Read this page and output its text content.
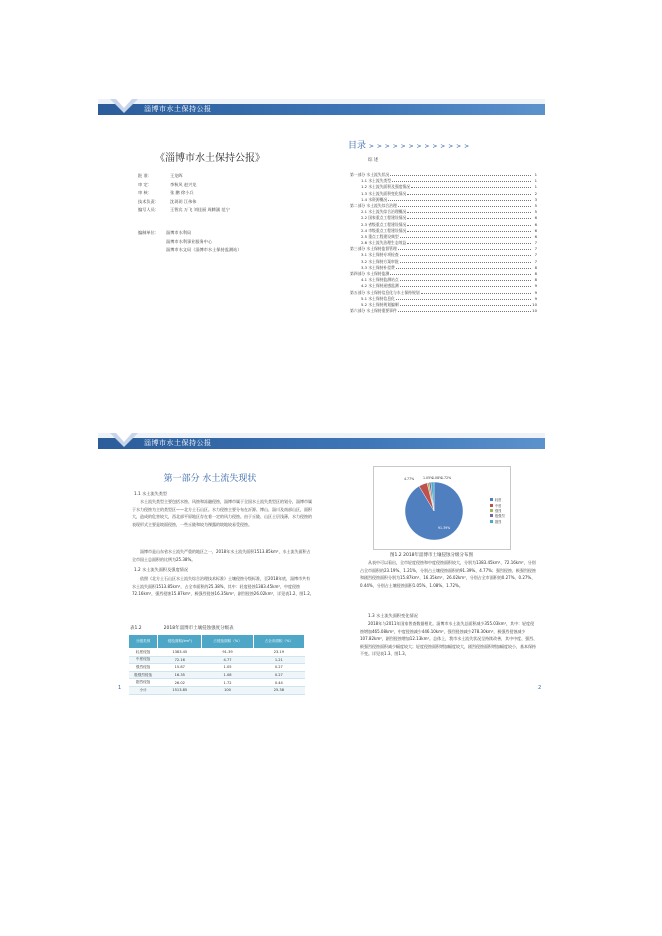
淄博市水土保持公报
《淄博市水土保持公报》
批 准：	王龙晖
审 定：	李秋风 赵兴龙
审 核：	张 鹏 徐小兵
技术负责：	沈玥玥 江伟伟
编写人员：	王智宾 万飞 刘佳丽 周腾溺 范宁
编制单位：	淄博市水利局
淄博市水利事业服务中心
淄博市水文局（淄博市水土保持监测站）
目录 > > > > > > > > > > > > >
综 述
第一部分 水土流失状况	1
1.1 水土流失类型	1
1.2 水土流失面积及强度情况	1
1.3 水土流失面积变化情况	2
1.4 水资源概况	3
第二部分 水土流失综合治理	5
2.1 水土流失综合治理概况	5
2.2 国家重点工程建设情况	6
2.3 省级重点工程建设情况	6
2.4 市级重点工程建设情况	6
2.5 重点工程建设典型	6
2.6 水土流失治理生态效益	7
第三部分 水土保持监督管理	7
3.1 水土保持专项检查	7
3.2 水土保持方案审批	7
3.3 水土保持补偿费	8
第四部分 水土保持监测	8
4.1 水土保持监测站点	8
4.2 水土保持遥感监测	9
第五部分 水土保持信息化与水土保持规划	9
5.1 水土保持信息化	9
5.2 水土保持规划编制	10
第六部分 水土保持重要事件	10
淄博市水土保持公报
第一部分 水土流失现状
1.1 水土流失类型
水土流失类型主要包括水蚀、风蚀和冻融侵蚀，淄博市属于全国水土流失类型区的划分，淄博市属于水力侵蚀为主的类型区——北方土石山区。水力侵蚀主要分布在沂源、博山、淄川及南部山区，面积大，造成的危害较大，西北部平原地区存在着一定的风力侵蚀。由于丘陵、山区土层浅薄，水力侵蚀的表现形式主要是坡面侵蚀，一些丘陵和较为裸露的坡地较易受侵蚀。
淄博市是山东省水土流失严重的地区之一，2018年水土流失面积1513.85km²，水土流失面积占全市国土总面积的比例为25.38%。
1.2 水土流失面积及强度情况
依照《北方土石山区水土流失综合治理技术标准》土壤侵蚀分级标准，至2018年底，淄博市共有水土流失面积1513.85km²，占全市面积的25.38%，其中：轻度侵蚀1383.45km²，中度侵蚀72.16km²，强烈侵蚀15.87km²，极强烈侵蚀16.35km²，剧烈侵蚀26.02km²，详见表1.2、图1.2。
表1.2	2018年淄博市土壤侵蚀强度分级表
分级类别	侵蚀面积(km²)	占侵蚀面积（%）	占全市面积（%）
轻度侵蚀	1383.45	91.39	23.19
中度侵蚀	72.16	4.77	1.21
强烈侵蚀	15.87	1.05	0.27
极强烈侵蚀	16.35	1.08	0.27
剧烈侵蚀	26.02	1.72	0.44
小计	1513.85	100	25.38
1	2
91.39%
4.77%	1.05%
1.08%
1.72%
轻度
中度
强烈
极强烈
剧烈
图1.2 2018年淄博市土壤侵蚀分级分布图
从表中可以看出，全市轻度侵蚀和中度侵蚀面积较大，分别为1383.45km²、72.16km²，分别占全市面积的23.19%、1.21%，分别占土壤侵蚀面积的91.39%、4.77%；强烈侵蚀、极强烈侵蚀和剧烈侵蚀面积分别为15.87km²、16.35km²、26.02km²，分别占全市面积的0.27%、0.27%、0.44%，分别占土壤侵蚀面积1.05%、1.08%、1.72%。
1.3 水土流失面积变化情况
2018年与2011年国家普查数据相比，淄博市水土流失总面积减少355.03km²，其中：轻度侵蚀增加465.08km²，中度侵蚀减少446.10km²，强烈侵蚀减少278.30km²，极强烈侵蚀减少107.82km²，剧烈侵蚀增加12.13km²。总体上，我市水土流失状况呈持续改善，其中中度、强烈、极强烈侵蚀面积减少幅度较大；轻度侵蚀面积增加幅度较大，剧烈侵蚀面积增加幅度较小，基本保持不变。详见表1.3、图1.3。
